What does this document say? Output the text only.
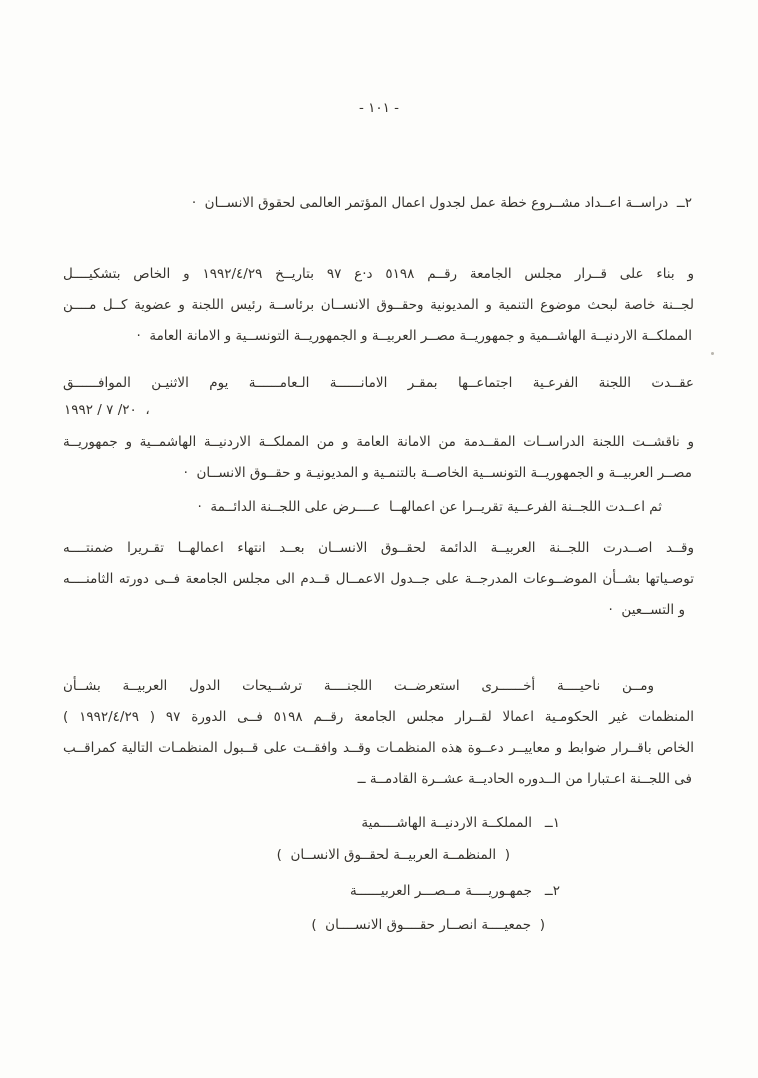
- ١٠١ -
٢ــ  دراســة اعــداد مشــروع خطة عمل لجدول اعمال المؤتمر العالمى لحقوق الانســان  ·
و بناء على قــرار مجلس الجامعة رقــم ٥١٩٨ د·ع ٩٧ بتاريــخ ١٩٩٢/٤/٢٩ و الخاص بتشكيــــل
لجــنة خاصة لبحث موضوع التنمية و المديونية وحقــوق الانســان برئاســة رئيس اللجنة و عضوية كــل مــــن
المملكــة الاردنيــة الهاشــمية و جمهوريــة مصــر العربيــة و الجمهوريــة التونســية و الامانة العامة  ·
عقــدت اللجنة الفرعـية اجتماعــها بمقـر الامانــــــة الـعامــــــة يوم الاثنيـن الموافــــــق
٢٠/ ٧ / ١٩٩٢  ،
و ناقشــت اللجنة الدراســات المقــدمة من الامانة العامة و من المملكــة الاردنيــة الهاشمــية و جمهوريــة
مصــر العربيــة و الجمهوريــة التونســية الخاصــة بالتنمـية و المديونيـة و حقــوق الانســان  ·
ثم اعــدت اللجــنة الفرعــية تقريــرا عن اعمالهــا  عــــرض على اللجــنة الدائــمة  ·
وقــد اصــدرت اللجــنة العربيــة الدائمة لحقــوق الانســان بعــد انتهاء اعمالهــا تقـريرا ضمنتــــه
توصـياتها بشــأن الموضــوعات المدرجــة على جــدول الاعمــال قــدم الى مجلس الجامعة فــى دورته الثامنــــه
و التســعين  ·
ومــن ناحيــــة أخــــــرى استعرضــت اللجنــــة ترشــيحات الدول العربيــة بشــأن
المنظمات غير الحكومـية اعمالا لقــرار مجلس الجامعة رقــم ٥١٩٨ فــى الدورة ٩٧ ( ١٩٩٢/٤/٢٩ )
الخاص باقــرار ضوابط و معاييــر دعــوة هذه المنظمـات وقــد وافقــت على قــبول المنظمـات التالية كمراقــب
فى اللجــنة اعـتبارا من الــدوره الحاديــة عشــرة القادمــة ــ
١ــ   المملكــة الاردنيــة الهاشــــمية
(  المنظمــة العربيــة لحقــوق الانســان  )
٢ــ   جمهـوريــــة مــصـــر العربيــــــة
(  جمعيــــة انصــار حقــــوق الانســــان  )
